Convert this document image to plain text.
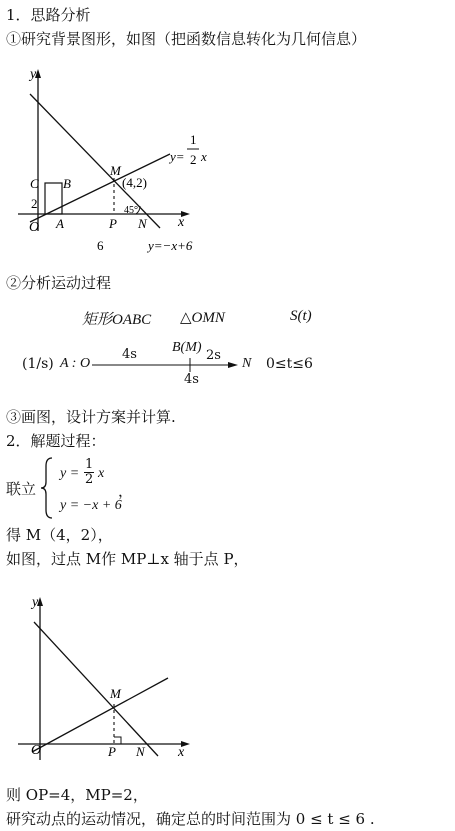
1．思路分析
①研究背景图形，如图（把函数信息转化为几何信息）
y
x
O A
B
C
2
M
(4,2)
45°
P N
6
y=
1
2 x
y=−x+6
②分析运动过程
矩形OABC △OMN	S(t)
(1/s) A : O
4s	B(M)
2s
4s
N 0≤t≤6
③画图，设计方案并计算.
2．解题过程：
联立
$y = \frac{1}{2}$ x
y = −x + 6
，
得 M（4，2），
如图，过点 M作 MP⊥x 轴于点 P，
y
x
O
M
P N
则 OP=4，MP=2，
研究动点的运动情况，确定总的时间范围为 0 ≤ t ≤ 6 .
